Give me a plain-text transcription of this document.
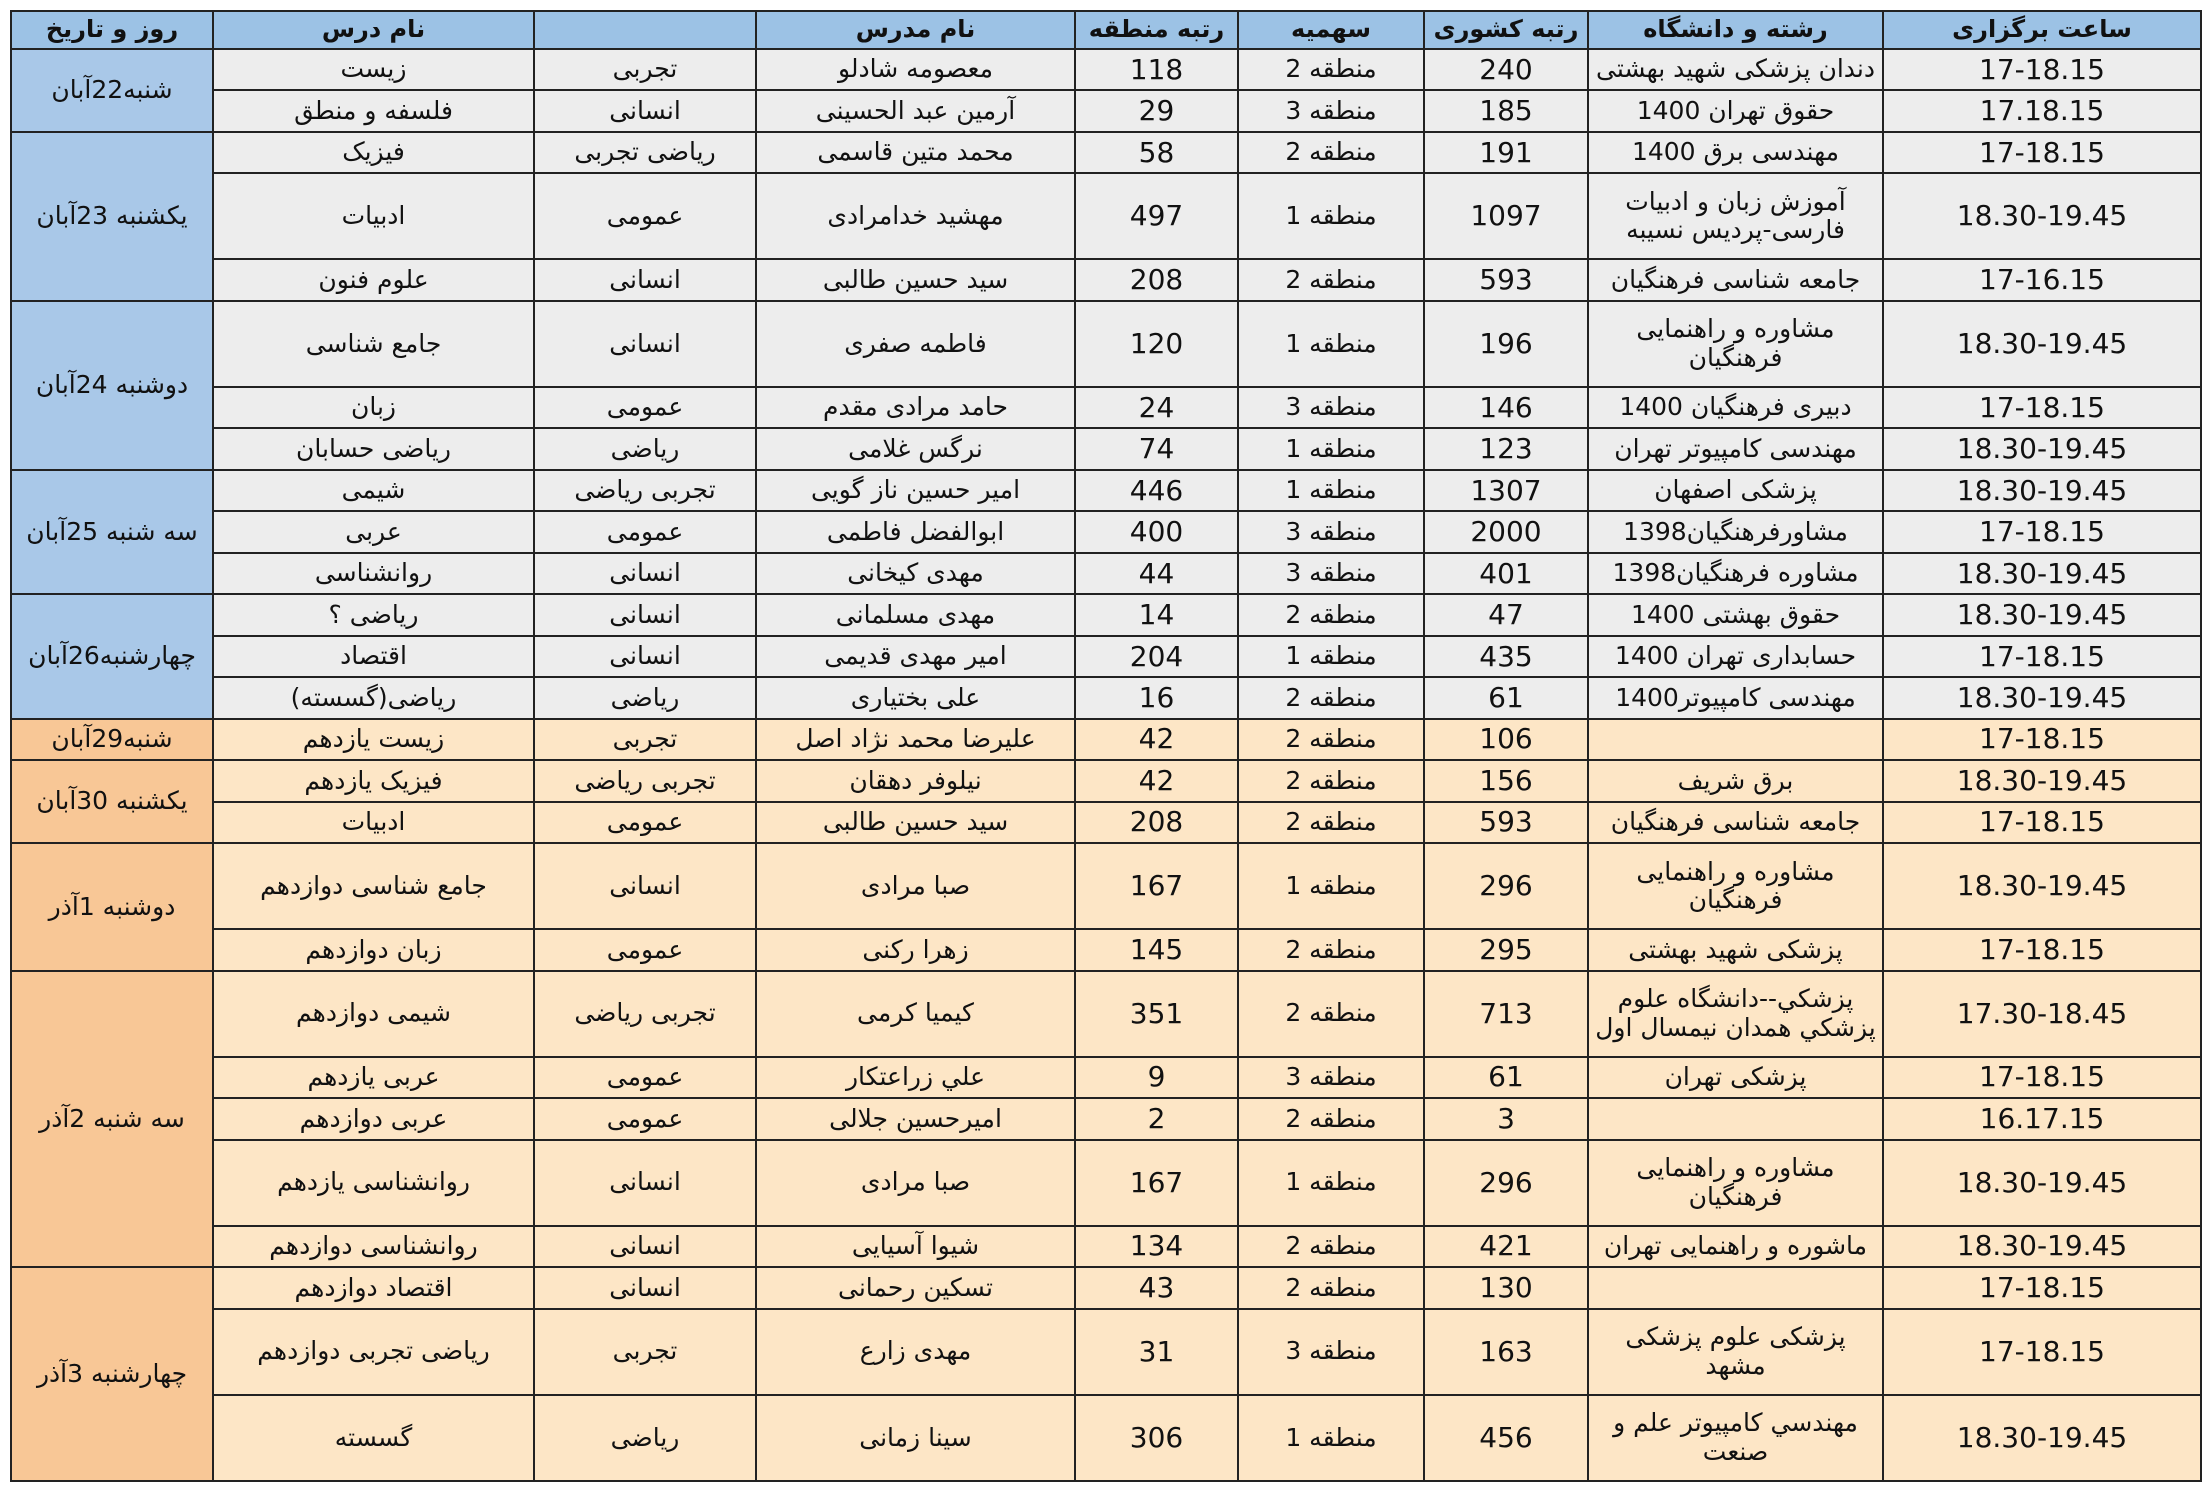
روز و تاریخ	نام درس		نام مدرس	رتبه منطقه	سهمیه	رتبه کشوری	رشته و دانشگاه	ساعت برگزاری
شنبه22آبان	زیست	تجربی	معصومه شادلو	118	منطقه 2	240	دندان پزشکی شهید بهشتی	17-18.15
	فلسفه و منطق	انسانی	آرمین عبد الحسینی	29	منطقه 3	185	حقوق تهران 1400	17.18.15
یکشنبه 23آبان	فیزیک	ریاضی تجربی	محمد متین قاسمی	58	منطقه 2	191	مهندسی برق 1400	17-18.15
	ادبیات	عمومی	مهشید خدامرادی	497	منطقه 1	1097	آموزش زبان و ادبیات فارسی-پردیس نسیبه	18.30-19.45
	علوم فنون	انسانی	سید حسین طالبی	208	منطقه 2	593	جامعه شناسی فرهنگیان	17-16.15
دوشنبه 24آبان	جامع شناسی	انسانی	فاطمه صفری	120	منطقه 1	196	مشاوره و راهنمایی فرهنگیان	18.30-19.45
	زبان	عمومی	حامد مرادی مقدم	24	منطقه 3	146	دبیری فرهنگیان 1400	17-18.15
	ریاضی حسابان	ریاضی	نرگس غلامی	74	منطقه 1	123	مهندسی کامپیوتر تهران	18.30-19.45
سه شنبه 25آبان	شیمی	تجربی ریاضی	امیر حسین ناز گویی	446	منطقه 1	1307	پزشکی اصفهان	18.30-19.45
	عربی	عمومی	ابوالفضل فاطمی	400	منطقه 3	2000	مشاورفرهنگیان1398	17-18.15
	روانشناسی	انسانی	مهدی کیخانی	44	منطقه 3	401	مشاوره فرهنگیان1398	18.30-19.45
چهارشنبه26آبان	ریاضی ؟	انسانی	مهدی مسلمانی	14	منطقه 2	47	حقوق بهشتی 1400	18.30-19.45
	اقتصاد	انسانی	امیر مهدی قدیمی	204	منطقه 1	435	حسابداری تهران 1400	17-18.15
	ریاضی(گسسته)	ریاضی	علی بختیاری	16	منطقه 2	61	مهندسی کامپیوتر1400	18.30-19.45
شنبه29آبان	زیست یازدهم	تجربی	علیرضا محمد نژاد اصل	42	منطقه 2	106		17-18.15
یکشنبه 30آبان	فیزیک یازدهم	تجربی ریاضی	نیلوفر دهقان	42	منطقه 2	156	برق شریف	18.30-19.45
	ادبیات	عمومی	سید حسین طالبی	208	منطقه 2	593	جامعه شناسی فرهنگیان	17-18.15
دوشنبه 1آذر	جامع شناسی دوازدهم	انسانی	صبا مرادی	167	منطقه 1	296	مشاوره و راهنمایی فرهنگیان	18.30-19.45
	زبان دوازدهم	عمومی	زهرا رکنی	145	منطقه 2	295	پزشکی شهید بهشتی	17-18.15
سه شنبه 2آذر	شیمی دوازدهم	تجربی ریاضی	کیمیا کرمی	351	منطقه 2	713	پزشكي--دانشگاه علوم پزشكي همدان نيمسال اول	17.30-18.45
	عربی یازدهم	عمومی	علي زراعتکار	9	منطقه 3	61	پزشکی تهران	17-18.15
	عربی دوازدهم	عمومی	امیرحسین جلالی	2	منطقه 2	3		16.17.15
	روانشناسی یازدهم	انسانی	صبا مرادی	167	منطقه 1	296	مشاوره و راهنمایی فرهنگیان	18.30-19.45
	روانشناسی دوازدهم	انسانی	شیوا آسیایی	134	منطقه 2	421	ماشوره و راهنمایی تهران	18.30-19.45
چهارشنبه 3آذر	اقتصاد دوازدهم	انسانی	تسکین رحمانی	43	منطقه 2	130		17-18.15
	ریاضی تجربی دوازدهم	تجربی	مهدی زارع	31	منطقه 3	163	پزشکی علوم پزشکی مشهد	17-18.15
	گسسته	ریاضی	سینا زمانی	306	منطقه 1	456	مهندسي کامپیوتر علم و صنعت	18.30-19.45
